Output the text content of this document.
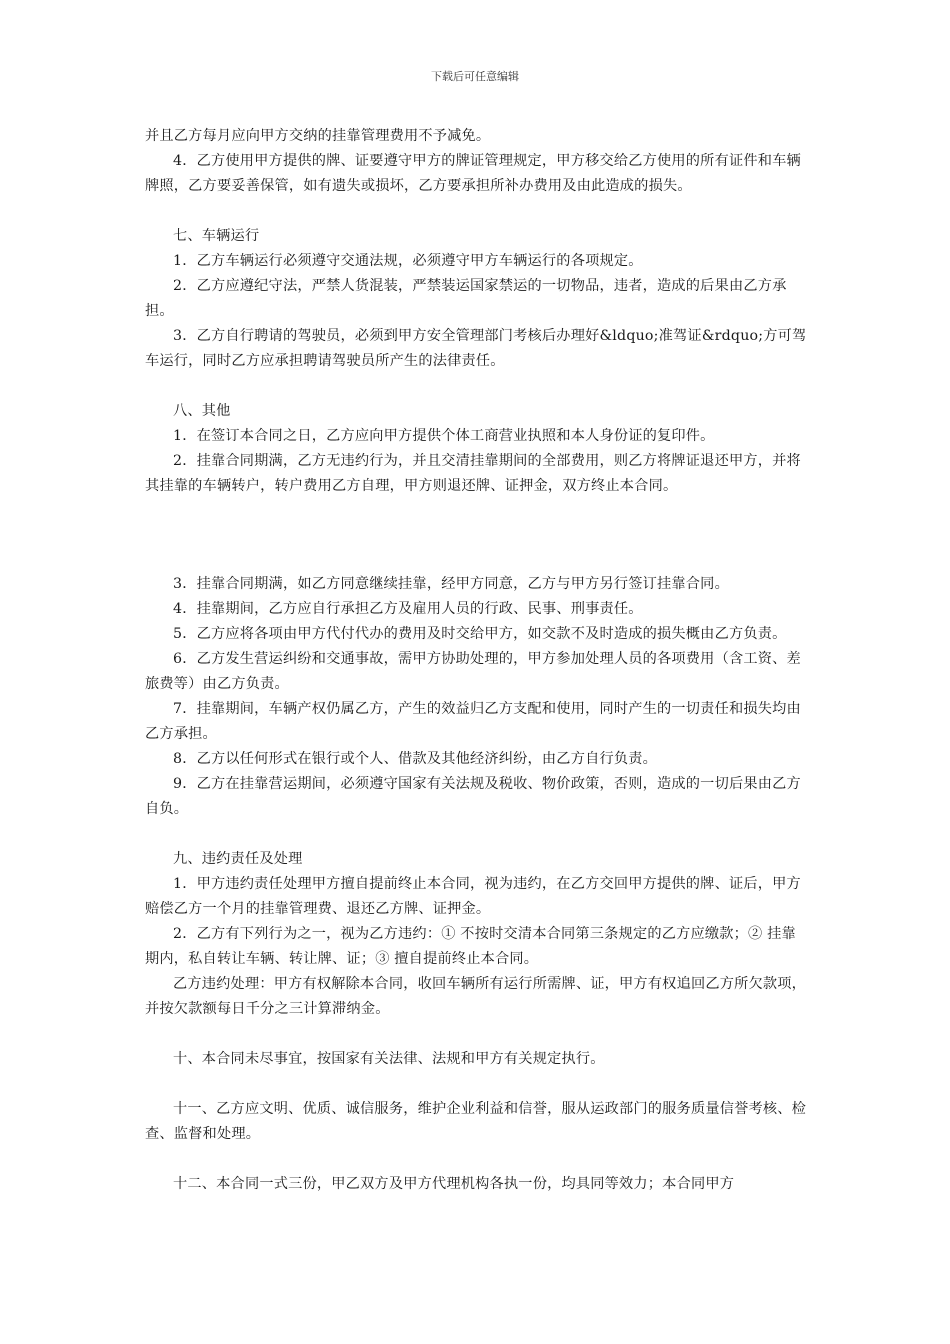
下载后可任意编辑

并且乙方每月应向甲方交纳的挂靠管理费用不予减免。

4．乙方使用甲方提供的牌、证要遵守甲方的牌证管理规定，甲方移交给乙方使用的所有证件和车辆牌照，乙方要妥善保管，如有遗失或损坏，乙方要承担所补办费用及由此造成的损失。

七、车辆运行

1．乙方车辆运行必须遵守交通法规，必须遵守甲方车辆运行的各项规定。

2．乙方应遵纪守法，严禁人货混装，严禁装运国家禁运的一切物品，违者，造成的后果由乙方承担。

3．乙方自行聘请的驾驶员，必须到甲方安全管理部门考核后办理好&ldquo;准驾证&rdquo;方可驾车运行，同时乙方应承担聘请驾驶员所产生的法律责任。

八、其他

1．在签订本合同之日，乙方应向甲方提供个体工商营业执照和本人身份证的复印件。

2．挂靠合同期满，乙方无违约行为，并且交清挂靠期间的全部费用，则乙方将牌证退还甲方，并将其挂靠的车辆转户，转户费用乙方自理，甲方则退还牌、证押金，双方终止本合同。

3．挂靠合同期满，如乙方同意继续挂靠，经甲方同意，乙方与甲方另行签订挂靠合同。

4．挂靠期间，乙方应自行承担乙方及雇用人员的行政、民事、刑事责任。

5．乙方应将各项由甲方代付代办的费用及时交给甲方，如交款不及时造成的损失概由乙方负责。

6．乙方发生营运纠纷和交通事故，需甲方协助处理的，甲方参加处理人员的各项费用（含工资、差旅费等）由乙方负责。

7．挂靠期间，车辆产权仍属乙方，产生的效益归乙方支配和使用，同时产生的一切责任和损失均由乙方承担。

8．乙方以任何形式在银行或个人、借款及其他经济纠纷，由乙方自行负责。

9．乙方在挂靠营运期间，必须遵守国家有关法规及税收、物价政策，否则，造成的一切后果由乙方自负。

九、违约责任及处理

1．甲方违约责任处理甲方擅自提前终止本合同，视为违约，在乙方交回甲方提供的牌、证后，甲方赔偿乙方一个月的挂靠管理费、退还乙方牌、证押金。

2．乙方有下列行为之一，视为乙方违约：① 不按时交清本合同第三条规定的乙方应缴款；② 挂靠期内，私自转让车辆、转让牌、证；③ 擅自提前终止本合同。

乙方违约处理：甲方有权解除本合同，收回车辆所有运行所需牌、证，甲方有权追回乙方所欠款项，并按欠款额每日千分之三计算滞纳金。

十、本合同未尽事宜，按国家有关法律、法规和甲方有关规定执行。

十一、乙方应文明、优质、诚信服务，维护企业利益和信誉，服从运政部门的服务质量信誉考核、检查、监督和处理。

十二、本合同一式三份，甲乙双方及甲方代理机构各执一份，均具同等效力；本合同甲方
